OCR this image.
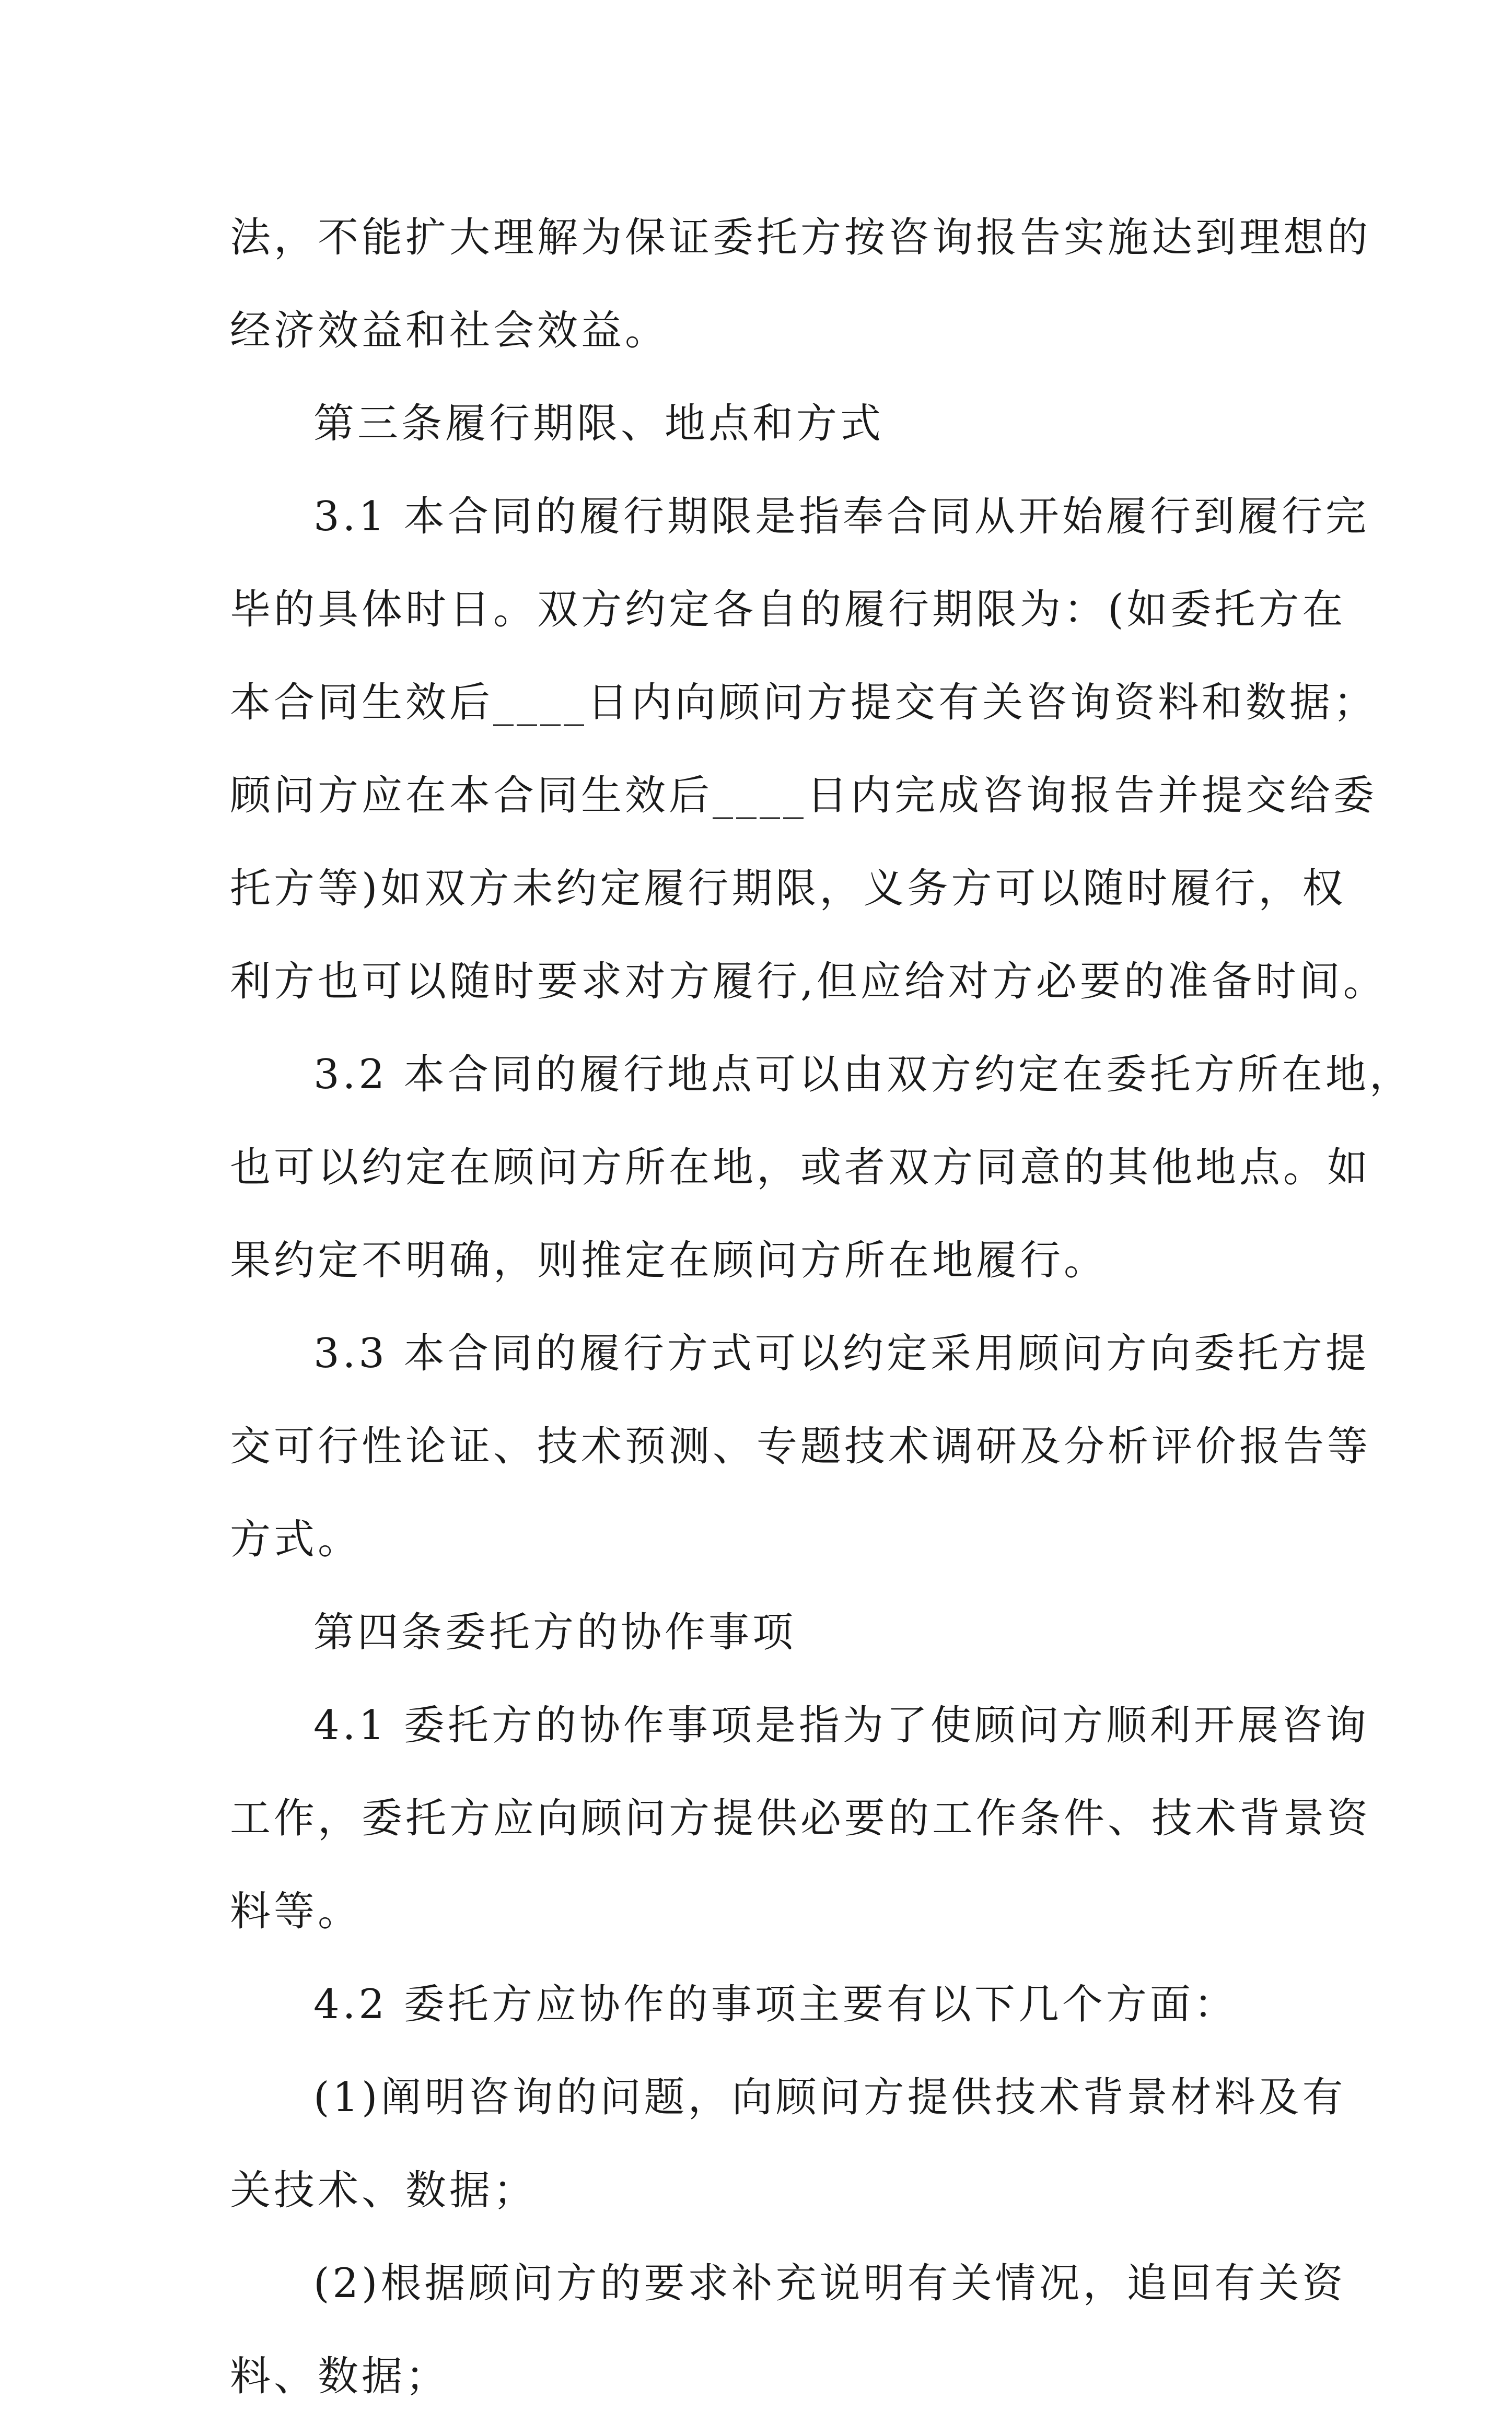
法，不能扩大理解为保证委托方按咨询报告实施达到理想的
经济效益和社会效益。
第三条履行期限、地点和方式
3.1 本合同的履行期限是指奉合同从开始履行到履行完
毕的具体时日。双方约定各自的履行期限为：(如委托方在
本合同生效后____日内向顾问方提交有关咨询资料和数据；
顾问方应在本合同生效后____日内完成咨询报告并提交给委
托方等)如双方未约定履行期限，义务方可以随时履行，权
利方也可以随时要求对方履行,但应给对方必要的准备时间。
3.2 本合同的履行地点可以由双方约定在委托方所在地，
也可以约定在顾问方所在地，或者双方同意的其他地点。如
果约定不明确，则推定在顾问方所在地履行。
3.3 本合同的履行方式可以约定采用顾问方向委托方提
交可行性论证、技术预测、专题技术调研及分析评价报告等
方式。
第四条委托方的协作事项
4.1 委托方的协作事项是指为了使顾问方顺利开展咨询
工作，委托方应向顾问方提供必要的工作条件、技术背景资
料等。
4.2 委托方应协作的事项主要有以下几个方面：
(1)阐明咨询的问题，向顾问方提供技术背景材料及有
关技术、数据；
(2)根据顾问方的要求补充说明有关情况，追回有关资
料、数据；
